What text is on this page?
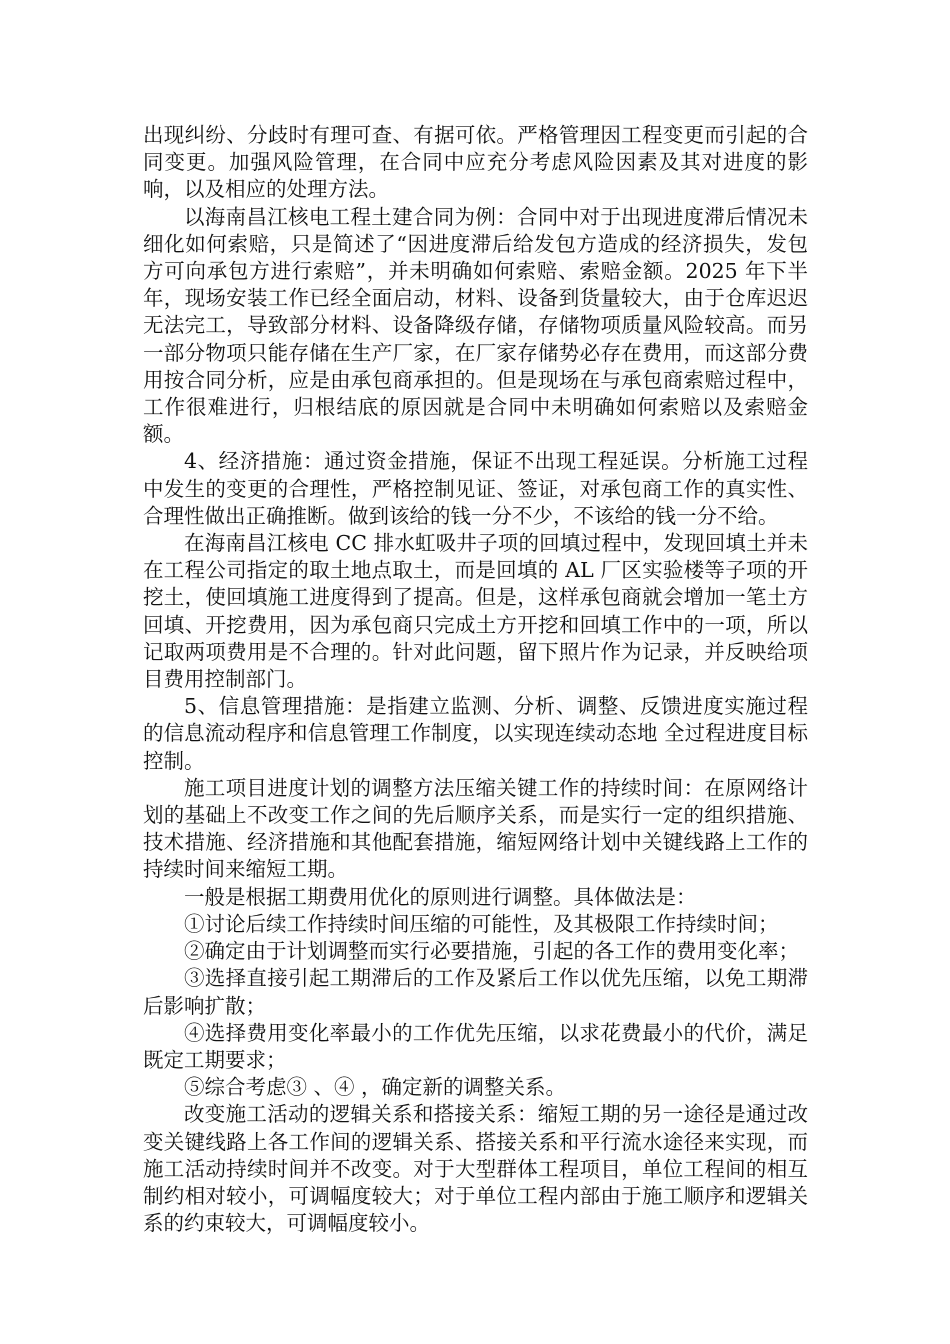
出现纠纷、分歧时有理可查、有据可依。严格管理因工程变更而引起的合同变更。加强风险管理，在合同中应充分考虑风险因素及其对进度的影响，以及相应的处理方法。

以海南昌江核电工程土建合同为例：合同中对于出现进度滞后情况未细化如何索赔，只是简述了“因进度滞后给发包方造成的经济损失，发包方可向承包方进行索赔”，并未明确如何索赔、索赔金额。2025 年下半年，现场安装工作已经全面启动，材料、设备到货量较大，由于仓库迟迟无法完工，导致部分材料、设备降级存储，存储物项质量风险较高。而另一部分物项只能存储在生产厂家，在厂家存储势必存在费用，而这部分费用按合同分析，应是由承包商承担的。但是现场在与承包商索赔过程中，工作很难进行，归根结底的原因就是合同中未明确如何索赔以及索赔金额。

4、经济措施：通过资金措施，保证不出现工程延误。分析施工过程中发生的变更的合理性，严格控制见证、签证，对承包商工作的真实性、合理性做出正确推断。做到该给的钱一分不少，不该给的钱一分不给。

在海南昌江核电 CC 排水虹吸井子项的回填过程中，发现回填土并未在工程公司指定的取土地点取土，而是回填的 AL 厂区实验楼等子项的开挖土，使回填施工进度得到了提高。但是，这样承包商就会增加一笔土方回填、开挖费用，因为承包商只完成土方开挖和回填工作中的一项，所以记取两项费用是不合理的。针对此问题，留下照片作为记录，并反映给项目费用控制部门。

5、信息管理措施：是指建立监测、分析、调整、反馈进度实施过程的信息流动程序和信息管理工作制度，以实现连续动态地 全过程进度目标控制。

施工项目进度计划的调整方法压缩关键工作的持续时间：在原网络计划的基础上不改变工作之间的先后顺序关系，而是实行一定的组织措施、技术措施、经济措施和其他配套措施，缩短网络计划中关键线路上工作的持续时间来缩短工期。

一般是根据工期费用优化的原则进行调整。具体做法是：

①讨论后续工作持续时间压缩的可能性，及其极限工作持续时间；

②确定由于计划调整而实行必要措施，引起的各工作的费用变化率；

③选择直接引起工期滞后的工作及紧后工作以优先压缩，以免工期滞后影响扩散；

④选择费用变化率最小的工作优先压缩，以求花费最小的代价，满足既定工期要求；

⑤综合考虑③ 、④ ，确定新的调整关系。

改变施工活动的逻辑关系和搭接关系：缩短工期的另一途径是通过改变关键线路上各工作间的逻辑关系、搭接关系和平行流水途径来实现，而施工活动持续时间并不改变。对于大型群体工程项目，单位工程间的相互制约相对较小，可调幅度较大；对于单位工程内部由于施工顺序和逻辑关系的约束较大，可调幅度较小。
